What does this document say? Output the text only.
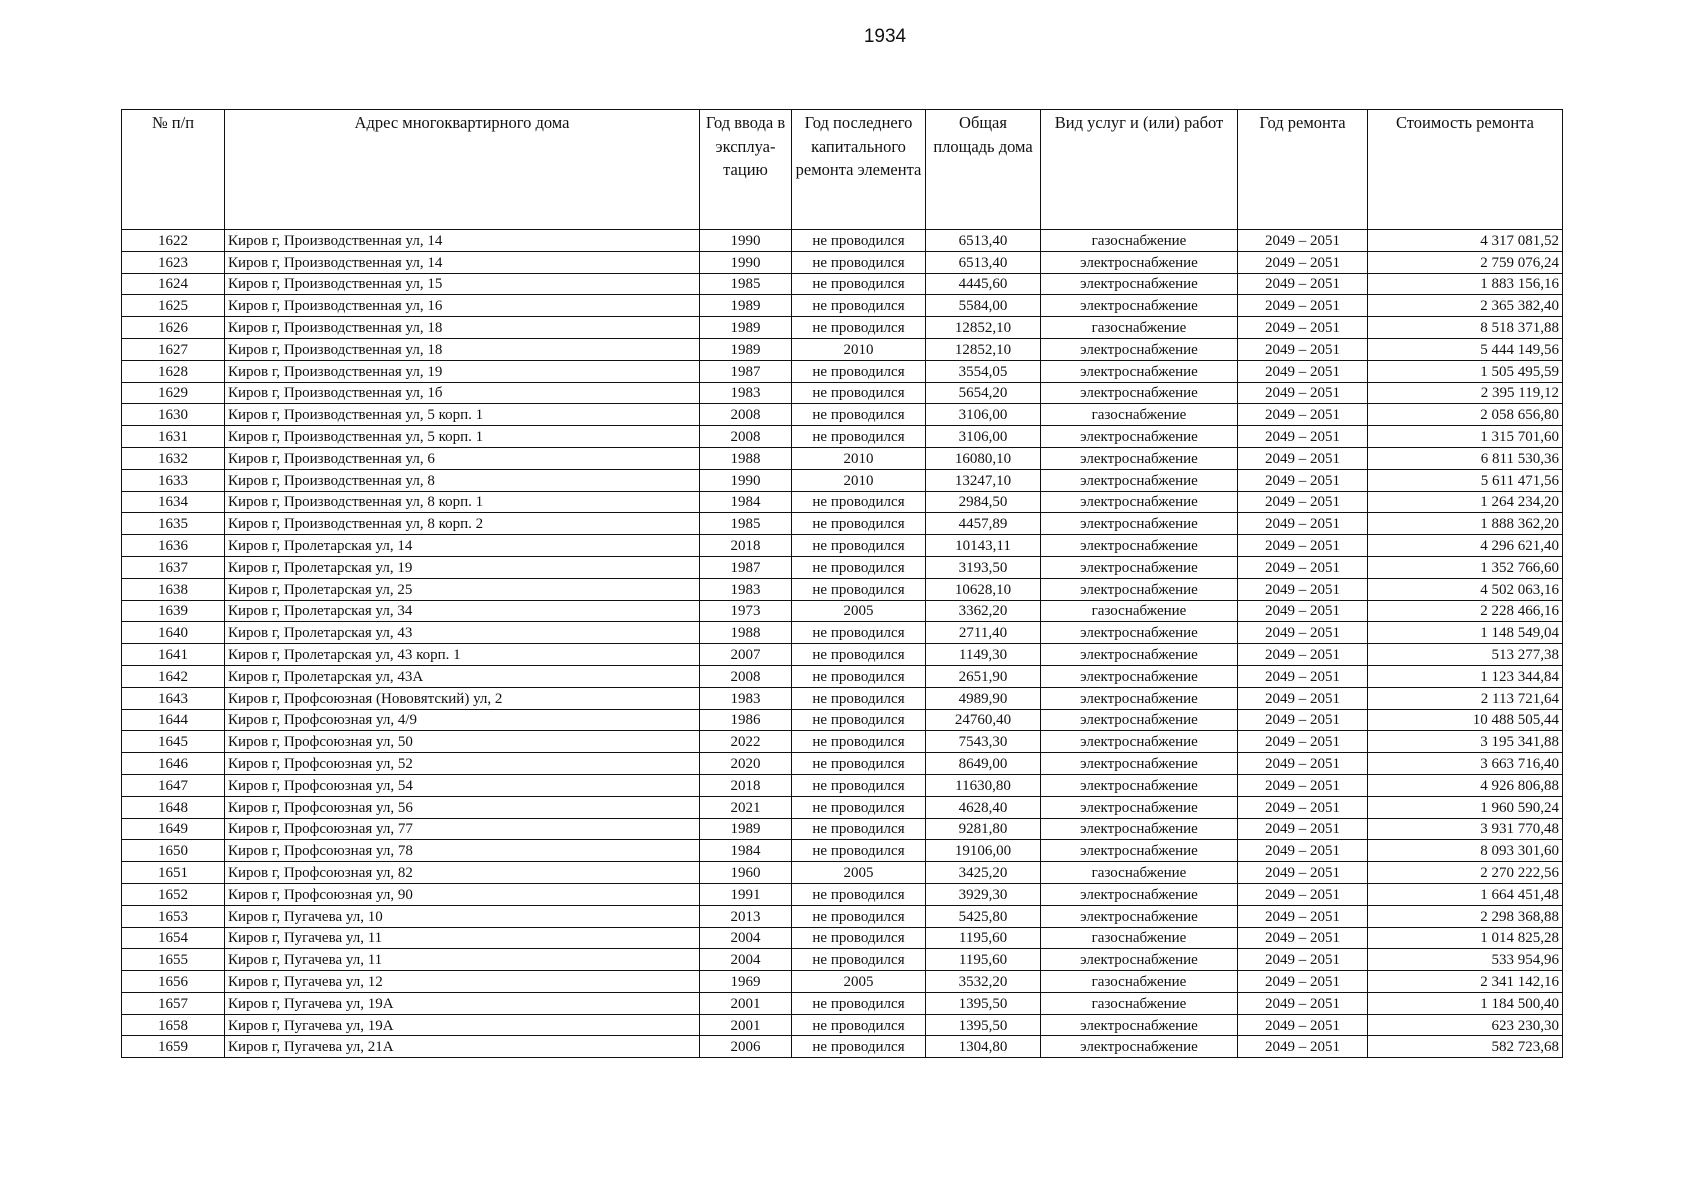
1934
№ п/п	Адрес многоквартирного дома	Год ввода в эксплуа-тацию	Год последнего капитального ремонта элемента	Общая площадь дома	Вид услуг и (или) работ	Год ремонта	Стоимость ремонта
1622	Киров г, Производственная ул, 14	1990	не проводился	6513,40	газоснабжение	2049 – 2051	4 317 081,52
1623	Киров г, Производственная ул, 14	1990	не проводился	6513,40	электроснабжение	2049 – 2051	2 759 076,24
1624	Киров г, Производственная ул, 15	1985	не проводился	4445,60	электроснабжение	2049 – 2051	1 883 156,16
1625	Киров г, Производственная ул, 16	1989	не проводился	5584,00	электроснабжение	2049 – 2051	2 365 382,40
1626	Киров г, Производственная ул, 18	1989	не проводился	12852,10	газоснабжение	2049 – 2051	8 518 371,88
1627	Киров г, Производственная ул, 18	1989	2010	12852,10	электроснабжение	2049 – 2051	5 444 149,56
1628	Киров г, Производственная ул, 19	1987	не проводился	3554,05	электроснабжение	2049 – 2051	1 505 495,59
1629	Киров г, Производственная ул, 1б	1983	не проводился	5654,20	электроснабжение	2049 – 2051	2 395 119,12
1630	Киров г, Производственная ул, 5 корп. 1	2008	не проводился	3106,00	газоснабжение	2049 – 2051	2 058 656,80
1631	Киров г, Производственная ул, 5 корп. 1	2008	не проводился	3106,00	электроснабжение	2049 – 2051	1 315 701,60
1632	Киров г, Производственная ул, 6	1988	2010	16080,10	электроснабжение	2049 – 2051	6 811 530,36
1633	Киров г, Производственная ул, 8	1990	2010	13247,10	электроснабжение	2049 – 2051	5 611 471,56
1634	Киров г, Производственная ул, 8 корп. 1	1984	не проводился	2984,50	электроснабжение	2049 – 2051	1 264 234,20
1635	Киров г, Производственная ул, 8 корп. 2	1985	не проводился	4457,89	электроснабжение	2049 – 2051	1 888 362,20
1636	Киров г, Пролетарская ул, 14	2018	не проводился	10143,11	электроснабжение	2049 – 2051	4 296 621,40
1637	Киров г, Пролетарская ул, 19	1987	не проводился	3193,50	электроснабжение	2049 – 2051	1 352 766,60
1638	Киров г, Пролетарская ул, 25	1983	не проводился	10628,10	электроснабжение	2049 – 2051	4 502 063,16
1639	Киров г, Пролетарская ул, 34	1973	2005	3362,20	газоснабжение	2049 – 2051	2 228 466,16
1640	Киров г, Пролетарская ул, 43	1988	не проводился	2711,40	электроснабжение	2049 – 2051	1 148 549,04
1641	Киров г, Пролетарская ул, 43 корп. 1	2007	не проводился	1149,30	электроснабжение	2049 – 2051	513 277,38
1642	Киров г, Пролетарская ул, 43А	2008	не проводился	2651,90	электроснабжение	2049 – 2051	1 123 344,84
1643	Киров г, Профсоюзная (Нововятский) ул, 2	1983	не проводился	4989,90	электроснабжение	2049 – 2051	2 113 721,64
1644	Киров г, Профсоюзная ул, 4/9	1986	не проводился	24760,40	электроснабжение	2049 – 2051	10 488 505,44
1645	Киров г, Профсоюзная ул, 50	2022	не проводился	7543,30	электроснабжение	2049 – 2051	3 195 341,88
1646	Киров г, Профсоюзная ул, 52	2020	не проводился	8649,00	электроснабжение	2049 – 2051	3 663 716,40
1647	Киров г, Профсоюзная ул, 54	2018	не проводился	11630,80	электроснабжение	2049 – 2051	4 926 806,88
1648	Киров г, Профсоюзная ул, 56	2021	не проводился	4628,40	электроснабжение	2049 – 2051	1 960 590,24
1649	Киров г, Профсоюзная ул, 77	1989	не проводился	9281,80	электроснабжение	2049 – 2051	3 931 770,48
1650	Киров г, Профсоюзная ул, 78	1984	не проводился	19106,00	электроснабжение	2049 – 2051	8 093 301,60
1651	Киров г, Профсоюзная ул, 82	1960	2005	3425,20	газоснабжение	2049 – 2051	2 270 222,56
1652	Киров г, Профсоюзная ул, 90	1991	не проводился	3929,30	электроснабжение	2049 – 2051	1 664 451,48
1653	Киров г, Пугачева ул, 10	2013	не проводился	5425,80	электроснабжение	2049 – 2051	2 298 368,88
1654	Киров г, Пугачева ул, 11	2004	не проводился	1195,60	газоснабжение	2049 – 2051	1 014 825,28
1655	Киров г, Пугачева ул, 11	2004	не проводился	1195,60	электроснабжение	2049 – 2051	533 954,96
1656	Киров г, Пугачева ул, 12	1969	2005	3532,20	газоснабжение	2049 – 2051	2 341 142,16
1657	Киров г, Пугачева ул, 19А	2001	не проводился	1395,50	газоснабжение	2049 – 2051	1 184 500,40
1658	Киров г, Пугачева ул, 19А	2001	не проводился	1395,50	электроснабжение	2049 – 2051	623 230,30
1659	Киров г, Пугачева ул, 21А	2006	не проводился	1304,80	электроснабжение	2049 – 2051	582 723,68
